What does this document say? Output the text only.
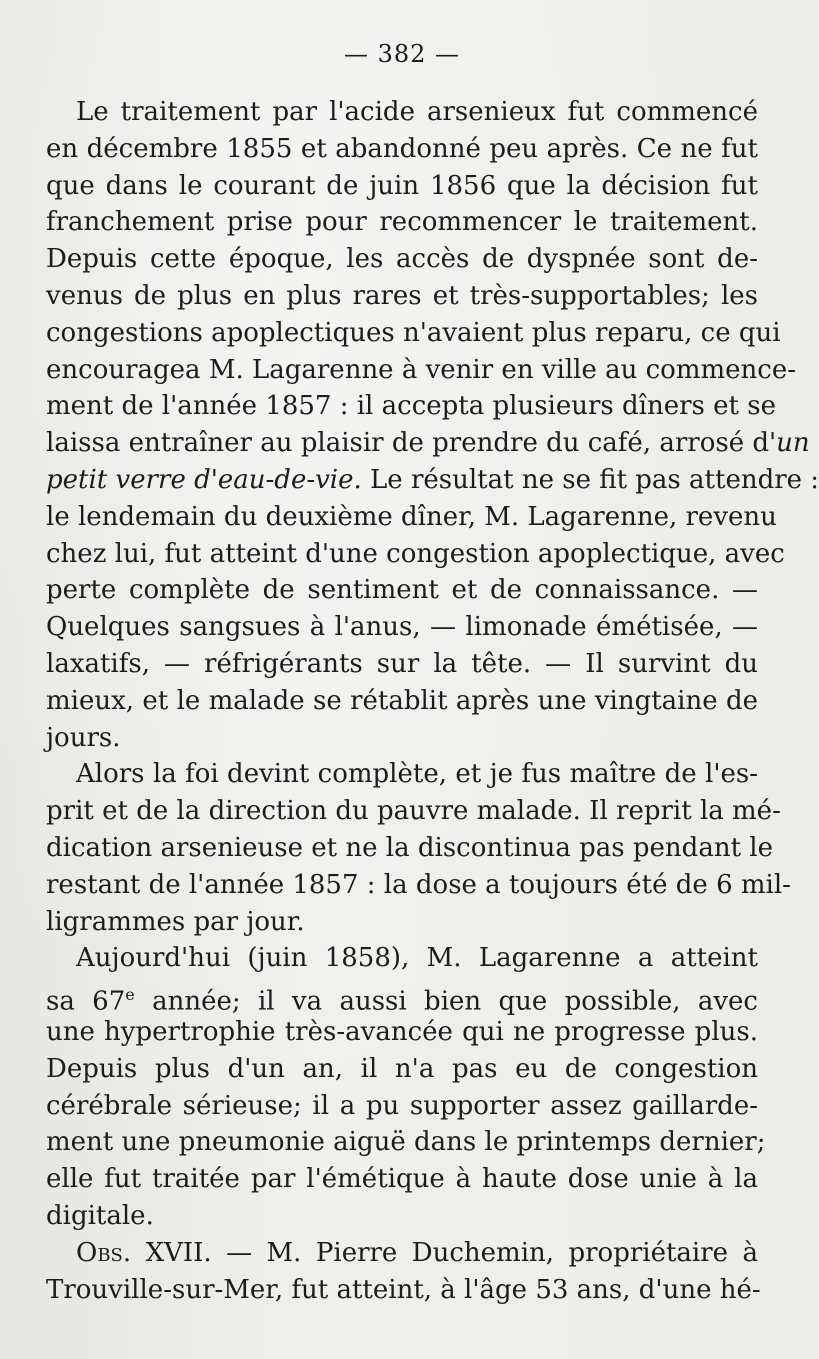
— 382 —
Le traitement par l'acide arsenieux fut commencé
en décembre 1855 et abandonné peu après. Ce ne fut
que dans le courant de juin 1856 que la décision fut
franchement prise pour recommencer le traitement.
Depuis cette époque, les accès de dyspnée sont de-
venus de plus en plus rares et très-supportables; les
congestions apoplectiques n'avaient plus reparu, ce qui
encouragea M. Lagarenne à venir en ville au commence-
ment de l'année 1857 : il accepta plusieurs dîners et se
laissa entraîner au plaisir de prendre du café, arrosé d'un
petit verre d'eau-de-vie. Le résultat ne se fit pas attendre :
le lendemain du deuxième dîner, M. Lagarenne, revenu
chez lui, fut atteint d'une congestion apoplectique, avec
perte complète de sentiment et de connaissance. —
Quelques sangsues à l'anus, — limonade émétisée, —
laxatifs, — réfrigérants sur la tête. — Il survint du
mieux, et le malade se rétablit après une vingtaine de
jours.
Alors la foi devint complète, et je fus maître de l'es-
prit et de la direction du pauvre malade. Il reprit la mé-
dication arsenieuse et ne la discontinua pas pendant le
restant de l'année 1857 : la dose a toujours été de 6 mil-
ligrammes par jour.
Aujourd'hui (juin 1858), M. Lagarenne a atteint
sa 67e année; il va aussi bien que possible, avec
une hypertrophie très-avancée qui ne progresse plus.
Depuis plus d'un an, il n'a pas eu de congestion
cérébrale sérieuse; il a pu supporter assez gaillarde-
ment une pneumonie aiguë dans le printemps dernier;
elle fut traitée par l'émétique à haute dose unie à la
digitale.
Obs. XVII. — M. Pierre Duchemin, propriétaire à
Trouville-sur-Mer, fut atteint, à l'âge 53 ans, d'une hé-
